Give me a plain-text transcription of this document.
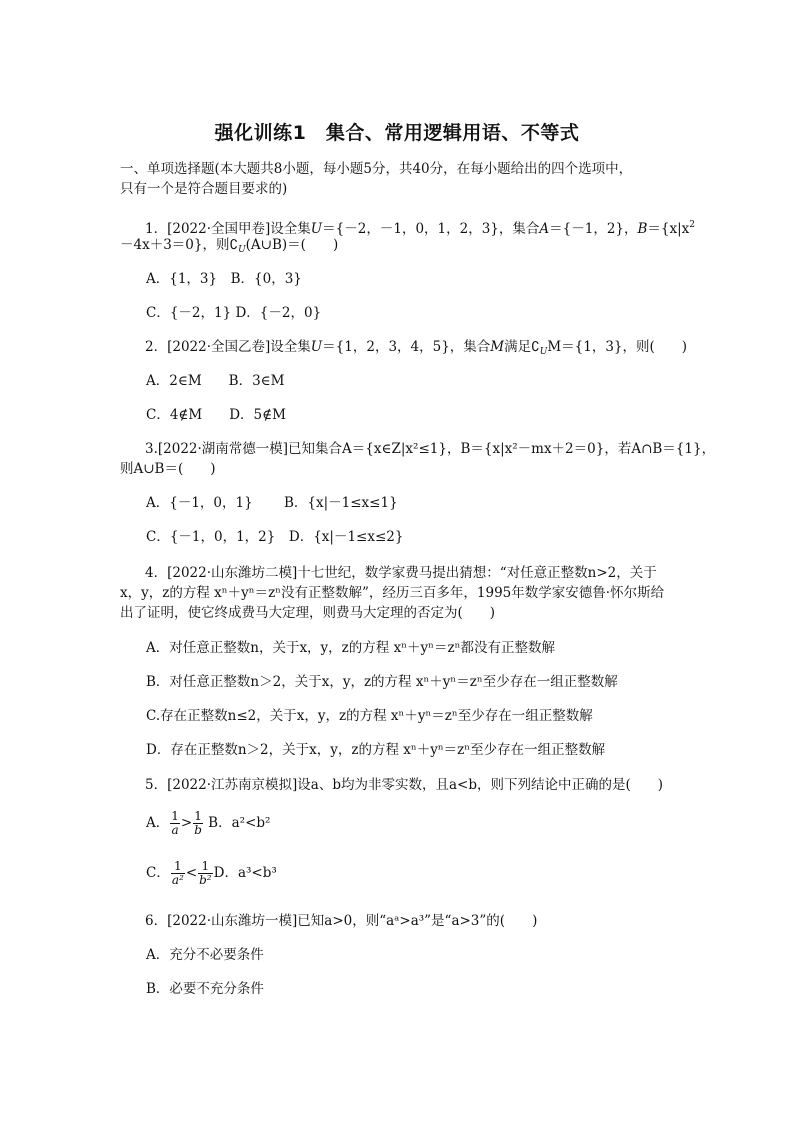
强化训练1　集合、常用逻辑用语、不等式
一、单项选择题(本大题共8小题，每小题5分，共40分，在每小题给出的四个选项中，
只有一个是符合题目要求的)
1．[2022·全国甲卷]设全集U＝{－2，－1，0，1，2，3}，集合A＝{－1，2}，$B=\{x|x^2$
－4x＋3＝0}，则$∁_U(A\cup B)=$(　　)
A．{1，3}　B．{0，3}
C．{－2，1} D．{－2，0}
2．[2022·全国乙卷]设全集U＝{1，2，3，4，5}，集合M满足$∁_UM=\{1$，3}，则(　　)
A．2∈M　　B．3∈M
C．4∉M　　D．5∉M
3.[2022·湖南常德一模]已知集合A＝{x∈Z|x²≤1}，B＝{x|x²－mx＋2＝0}，若A∩B＝{1}，
则A∪B＝(　　)
A．{－1，0，1}　　 B．{x|－1≤x≤1}
C．{－1，0，1，2}　D．{x|－1≤x≤2}
4．[2022·山东潍坊二模]十七世纪，数学家费马提出猜想：“对任意正整数n>2，关于
x，y，z的方程 xⁿ＋yⁿ＝zⁿ没有正整数解”，经历三百多年，1995年数学家安德鲁·怀尔斯给
出了证明，使它终成费马大定理，则费马大定理的否定为(　　)
A．对任意正整数n，关于x，y，z的方程 xⁿ＋yⁿ＝zⁿ都没有正整数解
B．对任意正整数n＞2，关于x，y，z的方程 xⁿ＋yⁿ＝zⁿ至少存在一组正整数解
C.存在正整数n≤2，关于x，y，z的方程 xⁿ＋yⁿ＝zⁿ至少存在一组正整数解
D．存在正整数n＞2，关于x，y，z的方程 xⁿ＋yⁿ＝zⁿ至少存在一组正整数解
5．[2022·江苏南京模拟]设a、b均为非零实数，且a<b，则下列结论中正确的是(　　)
A． $\frac{1}{a} > \frac{1}{b}$ B．a²<b²
C． $\frac{1}{\text{a²}} < \frac{1}{\text{b²}}$ D．a³<b³
6．[2022·山东潍坊一模]已知a>0，则“aᵃ>a³”是“a>3”的(　　)
A．充分不必要条件
B．必要不充分条件
